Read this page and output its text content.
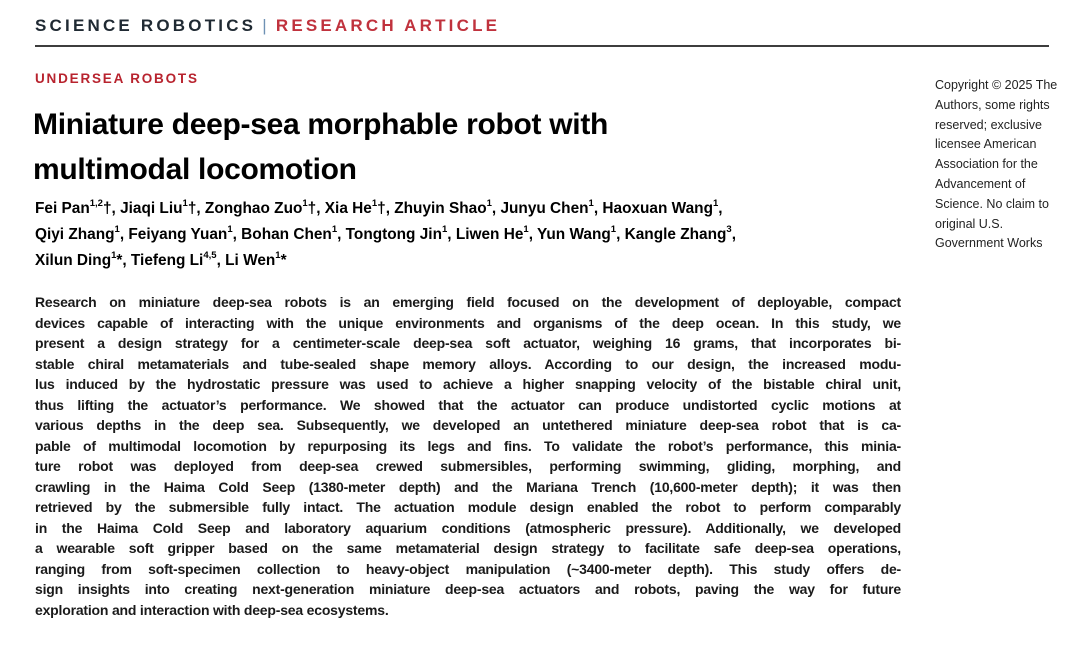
SCIENCE ROBOTICS | RESEARCH ARTICLE
UNDERSEA ROBOTS
Miniature deep-sea morphable robot with
multimodal locomotion
Fei Pan$^{1,2}$†, Jiaqi Liu$^1$†, Zonghao Zuo$^1$†, Xia He$^1$†, Zhuyin Shao$^1$, Junyu Chen$^1$, Haoxuan Wang$^1$,
Qiyi Zhang$^1$, Feiyang Yuan$^1$, Bohan Chen$^1$, Tongtong Jin$^1$, Liwen He$^1$, Yun Wang$^1$, Kangle Zhang$^3$,
Xilun Ding$^1$*, Tiefeng Li$^{4,5}$, Li Wen$^1$*
Research on miniature deep-sea robots is an emerging field focused on the development of deployable, compact
devices capable of interacting with the unique environments and organisms of the deep ocean. In this study, we
present a design strategy for a centimeter-scale deep-sea soft actuator, weighing 16 grams, that incorporates bi-
stable chiral metamaterials and tube-sealed shape memory alloys. According to our design, the increased modu-
lus induced by the hydrostatic pressure was used to achieve a higher snapping velocity of the bistable chiral unit,
thus lifting the actuator’s performance. We showed that the actuator can produce undistorted cyclic motions at
various depths in the deep sea. Subsequently, we developed an untethered miniature deep-sea robot that is ca-
pable of multimodal locomotion by repurposing its legs and fins. To validate the robot’s performance, this minia-
ture robot was deployed from deep-sea crewed submersibles, performing swimming, gliding, morphing, and
crawling in the Haima Cold Seep (1380-meter depth) and the Mariana Trench (10,600-meter depth); it was then
retrieved by the submersible fully intact. The actuation module design enabled the robot to perform comparably
in the Haima Cold Seep and laboratory aquarium conditions (atmospheric pressure). Additionally, we developed
a wearable soft gripper based on the same metamaterial design strategy to facilitate safe deep-sea operations,
ranging from soft-specimen collection to heavy-object manipulation (~3400-meter depth). This study offers de-
sign insights into creating next-generation miniature deep-sea actuators and robots, paving the way for future
exploration and interaction with deep-sea ecosystems.
Copyright © 2025 The
Authors, some rights
reserved; exclusive
licensee American
Association for the
Advancement of
Science. No claim to
original U.S.
Government Works
